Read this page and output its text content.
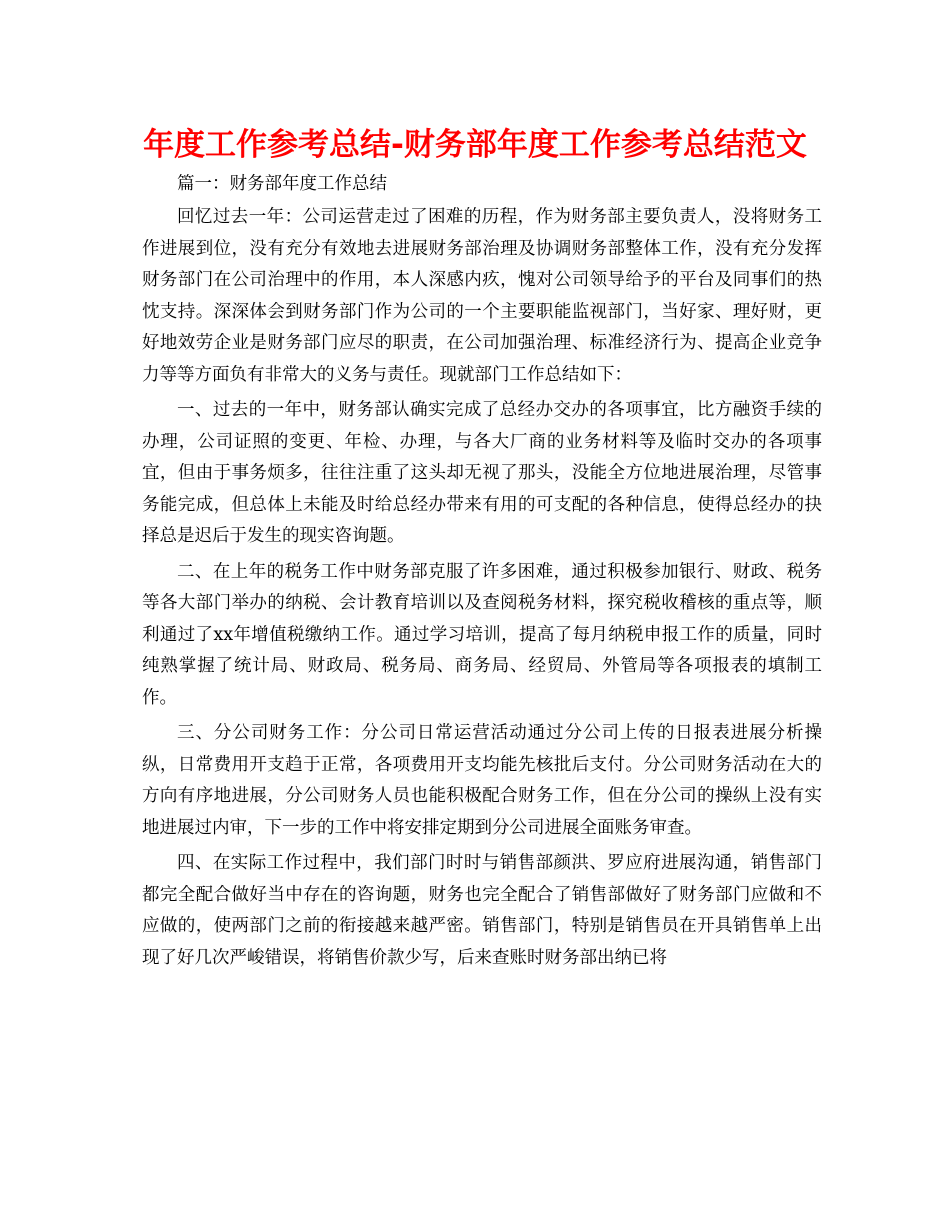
年度工作参考总结-财务部年度工作参考总结范文

篇一：财务部年度工作总结

回忆过去一年：公司运营走过了困难的历程，作为财务部主要负责人，没将财务工作进展到位，没有充分有效地去进展财务部治理及协调财务部整体工作，没有充分发挥财务部门在公司治理中的作用，本人深感内疚，愧对公司领导给予的平台及同事们的热忱支持。深深体会到财务部门作为公司的一个主要职能监视部门，当好家、理好财，更好地效劳企业是财务部门应尽的职责，在公司加强治理、标准经济行为、提高企业竞争力等等方面负有非常大的义务与责任。现就部门工作总结如下：

一、过去的一年中，财务部认确实完成了总经办交办的各项事宜，比方融资手续的办理，公司证照的变更、年检、办理，与各大厂商的业务材料等及临时交办的各项事宜，但由于事务烦多，往往注重了这头却无视了那头，没能全方位地进展治理，尽管事务能完成，但总体上未能及时给总经办带来有用的可支配的各种信息，使得总经办的抉择总是迟后于发生的现实咨询题。

二、在上年的税务工作中财务部克服了许多困难，通过积极参加银行、财政、税务等各大部门举办的纳税、会计教育培训以及查阅税务材料，探究税收稽核的重点等，顺利通过了xx年增值税缴纳工作。通过学习培训，提高了每月纳税申报工作的质量，同时纯熟掌握了统计局、财政局、税务局、商务局、经贸局、外管局等各项报表的填制工作。

三、分公司财务工作：分公司日常运营活动通过分公司上传的日报表进展分析操纵，日常费用开支趋于正常，各项费用开支均能先核批后支付。分公司财务活动在大的方向有序地进展，分公司财务人员也能积极配合财务工作，但在分公司的操纵上没有实地进展过内审，下一步的工作中将安排定期到分公司进展全面账务审查。

四、在实际工作过程中，我们部门时时与销售部颜洪、罗应府进展沟通，销售部门都完全配合做好当中存在的咨询题，财务也完全配合了销售部做好了财务部门应做和不应做的，使两部门之前的衔接越来越严密。销售部门，特别是销售员在开具销售单上出现了好几次严峻错误，将销售价款少写，后来查账时财务部出纳已将
